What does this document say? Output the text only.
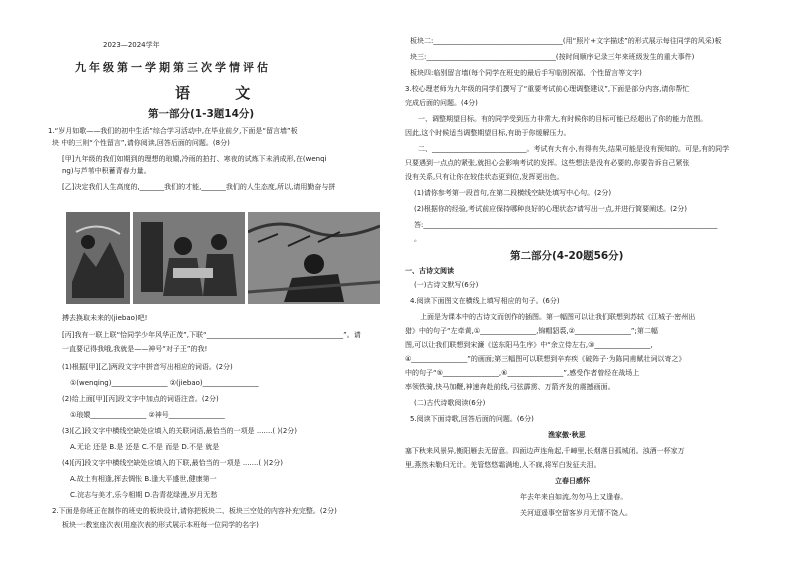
2023—2024学年
九年级第一学期第三次学情评估
语 文
第一部分(1-3题14分)
1.“岁月如歌——我们的初中生活”综合学习活动中,在毕业前夕,下面是“留言墙”板
块 中的三则“个性留言”,请你阅读,回答后面的问题。(8分)
[甲]九年级的我们如期到的理想的琅嬛,冷雨的拍打、寒夜的试炼下未消成形,在(wenqi
ng)与芦苇中积蓄青春力量。
[乙]决定我们人生高度的,_______我们的才能,_______我们的人生态度,所以,请用勤奋与拼
搏去换取未来的(jiebao)吧!
[丙]我有一联上联“恰同学少年风华正茂”,下联“_______________________________________”。请
一直要记得我哦,我就是——神号“对子王”的我!
(1)根据[甲][乙]两段文字中拼音写出相应的词语。(2分)
①(wenqing)________________ ②(jiebao)________________
(2)给上面[甲][丙]段文字中加点的词语注音。(2分)
①琅嬛________________ ②神号________________
(3)[乙]段文字中横线空缺处应填入的关联词语,最恰当的一项是 .......( )(2分)
A.无论 还是 B.是 还是 C.不是 而是 D.不是 就是
(4)[丙]段文字中横线空缺处应填入的下联,最恰当的一项是 .......( )(2分)
A.故土有相逢,挥去惆怅 B.逢大平盛世,健康第一
C.浣志与美才,乐今相期 D.告青花绿漫,岁月无愁
2.下面是你班正在制作的班史的板块设计,请你把板块二、板块三空处的内容补充完整。(2分)
板块一:教室座次表(用座次表的形式展示本班每一位同学的名字)
板块二:_____________________________________(用“照片+文字描述”的形式展示每往同学的风采)板
块三:_____________________________________(按时间顺序记录三年来班级发生的重大事件)
板块四:临别留言墙(每个同学在班史的最后手写临别祝福、个性留言等文字)
3.校心理老师为九年级的同学们撰写了“重要考试前心理调整建议”,下面是部分内容,请你帮忙
完成后面的问题。(4分)
一、调整期望目标。有的同学受到压力非常大,有时候你的目标可能已经超出了你的能力范围。
因此,这个时候适当调整期望目标,有助于你缓解压力。
二、___________________________。考试有大有小,有得有失,结果可能是没有预知的。可是,有的同学
只要遇到一点点的紧张,就担心会影响考试的发挥。这些想法是没有必要的,你要告诉自己紧张
没有关系,只有让你在较佳状态更到位,发挥更出色。
(1)请你参考第一段首句,在第二段横线空缺处填写中心句。(2分)
(2)根据你的经验,考试前应保持哪种良好的心理状态?请写出一点,并进行简要阐述。(2分)
答:____________________________________________________________________________________
。
第二部分(4-20题56分)
一、古诗文阅读
(一)古诗文默写(6分)
4.阅读下面图文在横线上填写相应的句子。(6分)
上面是为课本中的古诗文而创作的插图。第一幅图可以让我们联想到苏轼《江城子·密州出
猎》中的句子“左牵黄,①________________,锦帽貂裘,②________________”;第二幅
图,可以让我们联想到宋濂《送东阳马生序》中“余立侍左右,③________________,
④________________”的画面;第三幅图可以联想到辛弃疾《破阵子·为陈同甫赋壮词以寄之》
中的句子“⑤________________,⑥________________”,感受作者曾经在战场上
率领铁骑,快马加鞭,神速奔赴前线,弓弦霹雳、万箭齐发的震撼画面。
(二)古代诗歌阅读(6分)
5.阅读下面诗歌,回答后面的问题。(6分)
渔家傲·秋思
塞下秋来风景异,衡阳雁去无留意。四面边声连角起,千嶂里,长烟落日孤城闭。浊酒一杯家万
里,燕然未勒归无计。羌管悠悠霜满地,人不寐,将军白发征夫泪。
立春日感怀
年去年来自如流,勿勿马上又逢春。
关河迢遥事空留客岁月无情不饶人。
